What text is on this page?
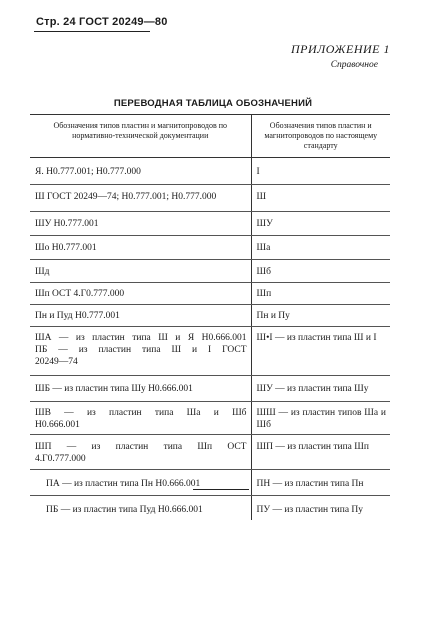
Стр. 24 ГОСТ 20249—80
ПРИЛОЖЕНИЕ 1
Справочное
ПЕРЕВОДНАЯ ТАБЛИЦА ОБОЗНАЧЕНИЙ
Обозначения типов пластин и магнитопроводов по нормативно-технической документации	Обозначения типов пластин и магнитопроводов по настоящему стандарту
Я. Н0.777.001; Н0.777.000	I
Ш ГОСТ 20249—74; Н0.777.001; Н0.777.000	Ш
ШУ Н0.777.001	ШУ
Шо Н0.777.001	Ша
Шд	Шб
Шп ОСТ 4.Г0.777.000	Шп
Пн и Пуд Н0.777.001	Пн и Пу

ША — из пластин типа Ш и Я Н0.666.001
ПБ — из пластин типа Ш и I ГОСТ
20249—74	Ш•I — из пластин типа Ш и I
ШБ — из пластин типа Шу Н0.666.001	ШУ — из пластин типа Шу

ШВ — из пластин типа Ша и Шб
Н0.666.001	ШШ — из пластин типов Ша и
Шб

ШП — из пластин типа Шп ОСТ
4.Г0.777.000	ШП — из пластин типа Шп
ПА — из пластин типа Пн Н0.666.001	ПН — из пластин типа Пн
ПБ — из пластин типа Пуд Н0.666.001	ПУ — из пластин типа Пу
